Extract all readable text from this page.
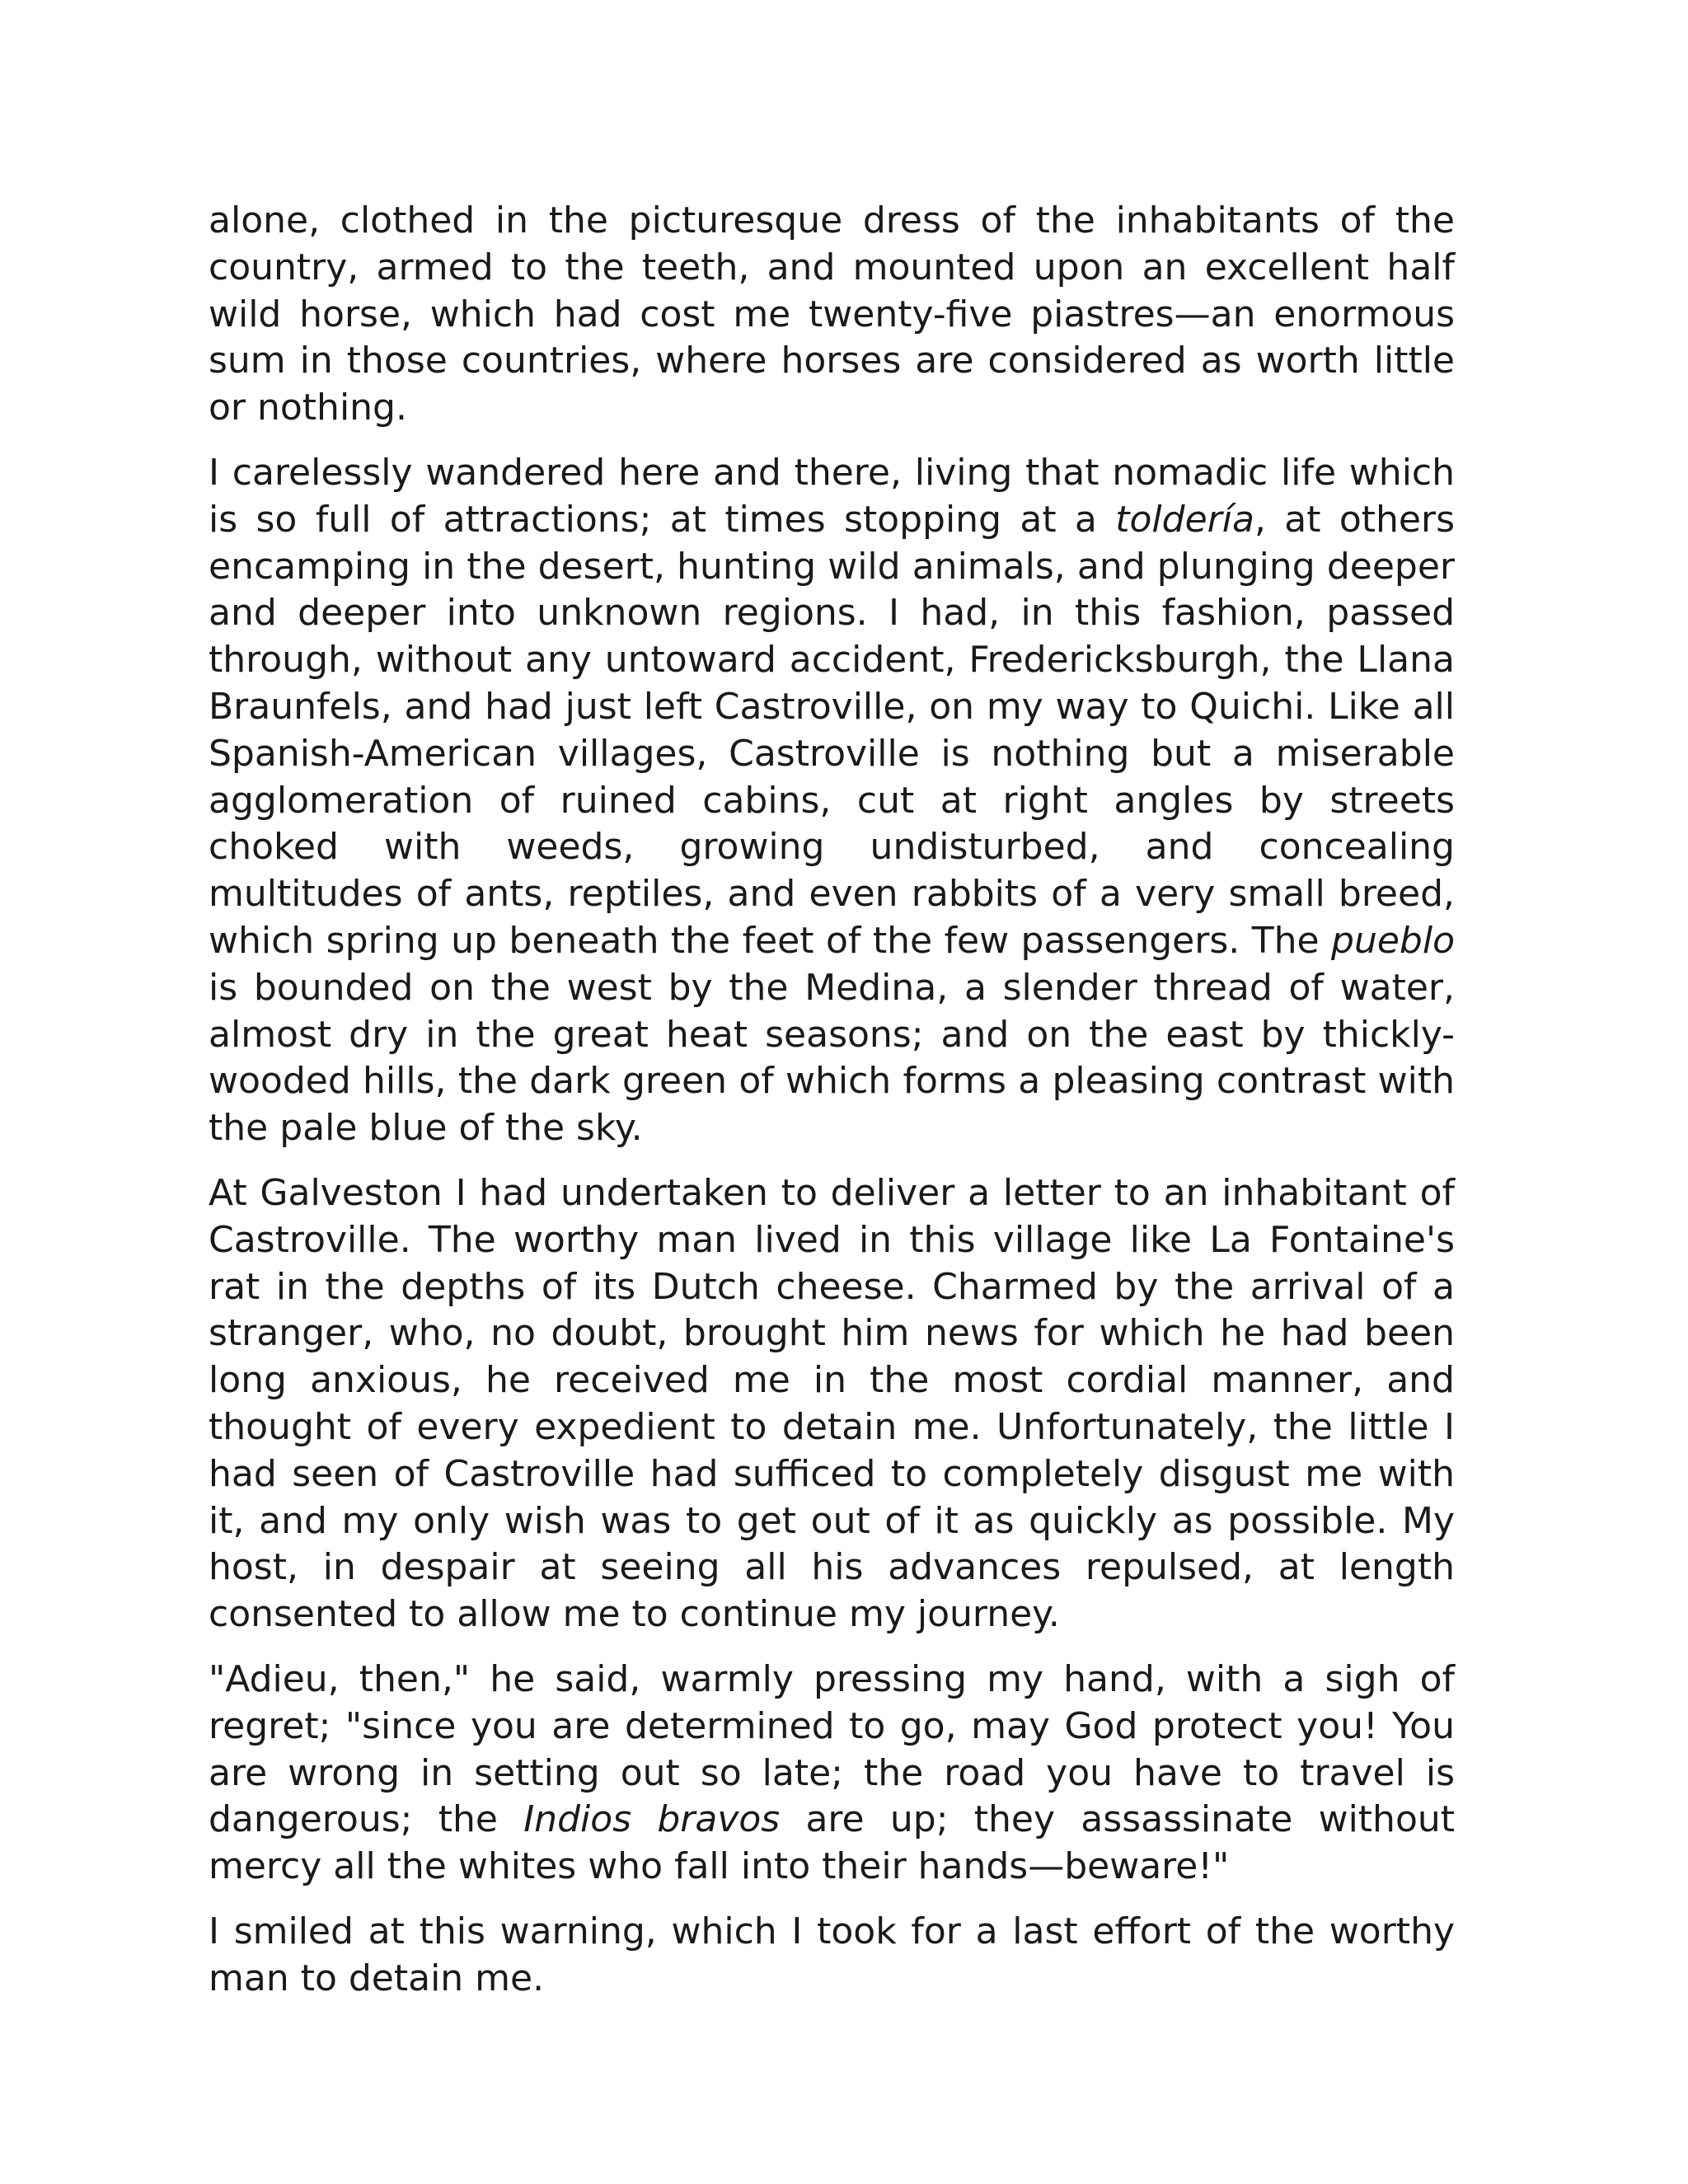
alone, clothed in the picturesque dress of the inhabitants of the country, armed to the teeth, and mounted upon an excellent half wild horse, which had cost me twenty-five piastres—an enormous sum in those countries, where horses are considered as worth little or nothing.

I carelessly wandered here and there, living that nomadic life which is so full of attractions; at times stopping at a toldería, at others encamping in the desert, hunting wild animals, and plunging deeper and deeper into unknown regions. I had, in this fashion, passed through, without any untoward accident, Fredericksburgh, the Llana Braunfels, and had just left Castroville, on my way to Quichi. Like all Spanish-American villages, Castroville is nothing but a miserable agglomeration of ruined cabins, cut at right angles by streets choked with weeds, growing undisturbed, and concealing multitudes of ants, reptiles, and even rabbits of a very small breed, which spring up beneath the feet of the few passengers. The pueblo is bounded on the west by the Medina, a slender thread of water, almost dry in the great heat seasons; and on the east by thickly-wooded hills, the dark green of which forms a pleasing contrast with the pale blue of the sky.

At Galveston I had undertaken to deliver a letter to an inhabitant of Castroville. The worthy man lived in this village like La Fontaine's rat in the depths of its Dutch cheese. Charmed by the arrival of a stranger, who, no doubt, brought him news for which he had been long anxious, he received me in the most cordial manner, and thought of every expedient to detain me. Unfortunately, the little I had seen of Castroville had sufficed to completely disgust me with it, and my only wish was to get out of it as quickly as possible. My host, in despair at seeing all his advances repulsed, at length consented to allow me to continue my journey.

"Adieu, then," he said, warmly pressing my hand, with a sigh of regret; "since you are determined to go, may God protect you! You are wrong in setting out so late; the road you have to travel is dangerous; the Indios bravos are up; they assassinate without mercy all the whites who fall into their hands—beware!"

I smiled at this warning, which I took for a last effort of the worthy man to detain me.
